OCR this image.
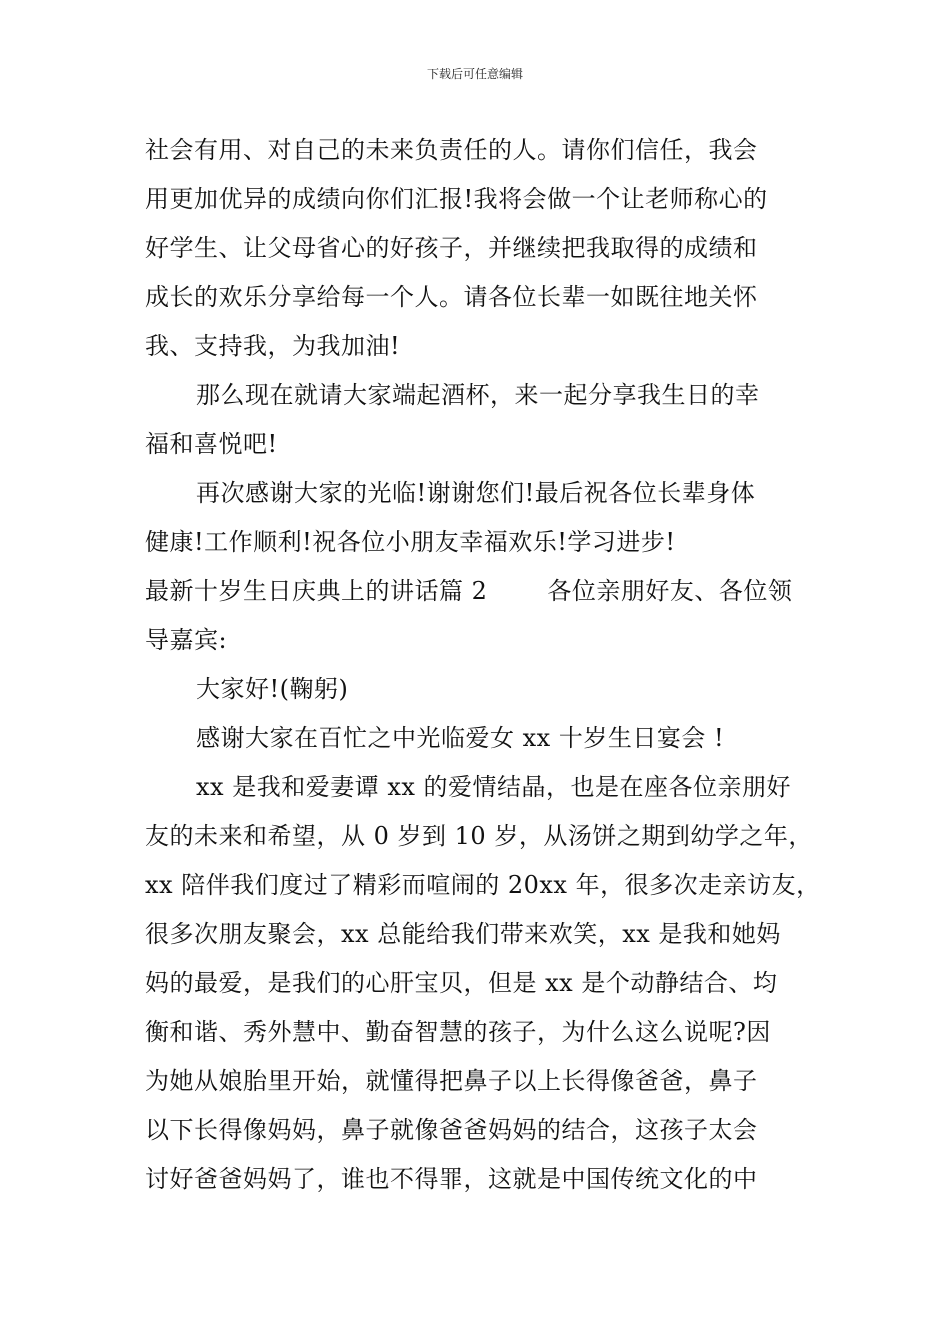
下载后可任意编辑
社会有用、对自己的未来负责任的人。请你们信任，我会
用更加优异的成绩向你们汇报!我将会做一个让老师称心的
好学生、让父母省心的好孩子，并继续把我取得的成绩和
成长的欢乐分享给每一个人。请各位长辈一如既往地关怀
我、支持我，为我加油!
那么现在就请大家端起酒杯，来一起分享我生日的幸
福和喜悦吧!
再次感谢大家的光临!谢谢您们!最后祝各位长辈身体
健康!工作顺利!祝各位小朋友幸福欢乐!学习进步!
最新十岁生日庆典上的讲话篇 2	各位亲朋好友、各位领
导嘉宾:
大家好!(鞠躬)
感谢大家在百忙之中光临爱女 xx 十岁生日宴会 !
xx 是我和爱妻谭 xx 的爱情结晶，也是在座各位亲朋好
友的未来和希望，从 0 岁到 10 岁，从汤饼之期到幼学之年，
xx 陪伴我们度过了精彩而喧闹的 20xx 年，很多次走亲访友，
很多次朋友聚会，xx 总能给我们带来欢笑，xx 是我和她妈
妈的最爱，是我们的心肝宝贝，但是 xx 是个动静结合、均
衡和谐、秀外慧中、勤奋智慧的孩子，为什么这么说呢?因
为她从娘胎里开始，就懂得把鼻子以上长得像爸爸，鼻子
以下长得像妈妈，鼻子就像爸爸妈妈的结合，这孩子太会
讨好爸爸妈妈了，谁也不得罪，这就是中国传统文化的中
